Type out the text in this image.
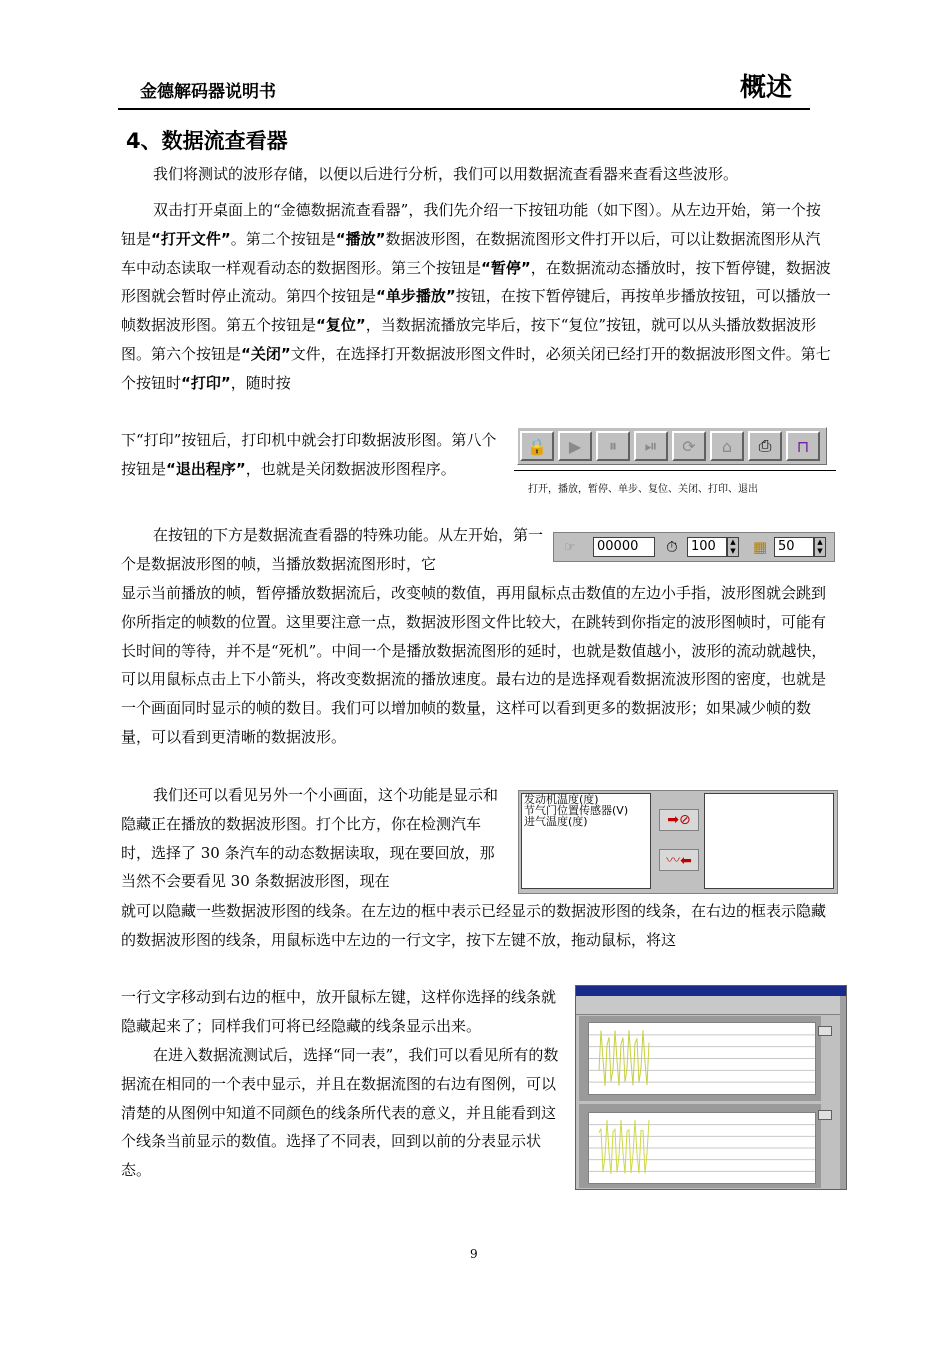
金德解码器说明书	概述
4、数据流查看器
我们将测试的波形存储，以便以后进行分析，我们可以用数据流查看器来查看这些波形。

双击打开桌面上的“金德数据流查看器”，我们先介绍一下按钮功能（如下图）。从左边开始，第一个按钮是“打开文件”。第二个按钮是“播放”数据波形图，在数据流图形文件打开以后，可以让数据流图形从汽车中动态读取一样观看动态的数据图形。第三个按钮是“暂停”，在数据流动态播放时，按下暂停键，数据波形图就会暂时停止流动。第四个按钮是“单步播放”按钮，在按下暂停键后，再按单步播放按钮，可以播放一帧数据波形图。第五个按钮是“复位”，当数据流播放完毕后，按下“复位”按钮，就可以从头播放数据波形图。第六个按钮是“关闭”文件，在选择打开数据波形图文件时，必须关闭已经打开的数据波形图文件。第七个按钮时“打印”，随时按

下“打印”按钮后，打印机中就会打印数据波形图。第八个按钮是“退出程序”，也就是关闭数据波形图程序。

🔒	▶	⏸	⏯	⟳	⌂	⎙	⊓
打开，播放，暂停、单步、复位、关闭、打印、退出
在按钮的下方是数据流查看器的特殊功能。从左开始，第一个是数据波形图的帧，当播放数据流图形时，它
☞	00000	⏱	100	▲
▼ ▦ 50	▲
▼
显示当前播放的帧，暂停播放数据流后，改变帧的数值，再用鼠标点击数值的左边小手指，波形图就会跳到你所指定的帧数的位置。这里要注意一点，数据波形图文件比较大，在跳转到你指定的波形图帧时，可能有长时间的等待，并不是“死机”。中间一个是播放数据流图形的延时，也就是数值越小，波形的流动就越快，可以用鼠标点击上下小箭头，将改变数据流的播放速度。最右边的是选择观看数据流波形图的密度，也就是一个画面同时显示的帧的数目。我们可以增加帧的数量，这样可以看到更多的数据波形；如果减少帧的数量，可以看到更清晰的数据波形。
我们还可以看见另外一个小画面，这个功能是显示和隐藏正在播放的数据波形图。打个比方，你在检测汽车时，选择了 30 条汽车的动态数据读取，现在要回放，那当然不会要看见 30 条数据波形图，现在
发动机温度(度)
节气门位置传感器(V)
进气温度(度)	➡⊘
〰⬅
就可以隐藏一些数据波形图的线条。在左边的框中表示已经显示的数据波形图的线条，在右边的框表示隐藏的数据波形图的线条，用鼠标选中左边的一行文字，按下左键不放，拖动鼠标，将这
一行文字移动到右边的框中，放开鼠标左键，这样你选择的线条就隐藏起来了；同样我们可将已经隐藏的线条显示出来。
在进入数据流测试后，选择“同一表”，我们可以看见所有的数据流在相同的一个表中显示，并且在数据流图的右边有图例，可以清楚的从图例中知道不同颜色的线条所代表的意义，并且能看到这个线条当前显示的数值。选择了不同表，回到以前的分表显示状态。
9
